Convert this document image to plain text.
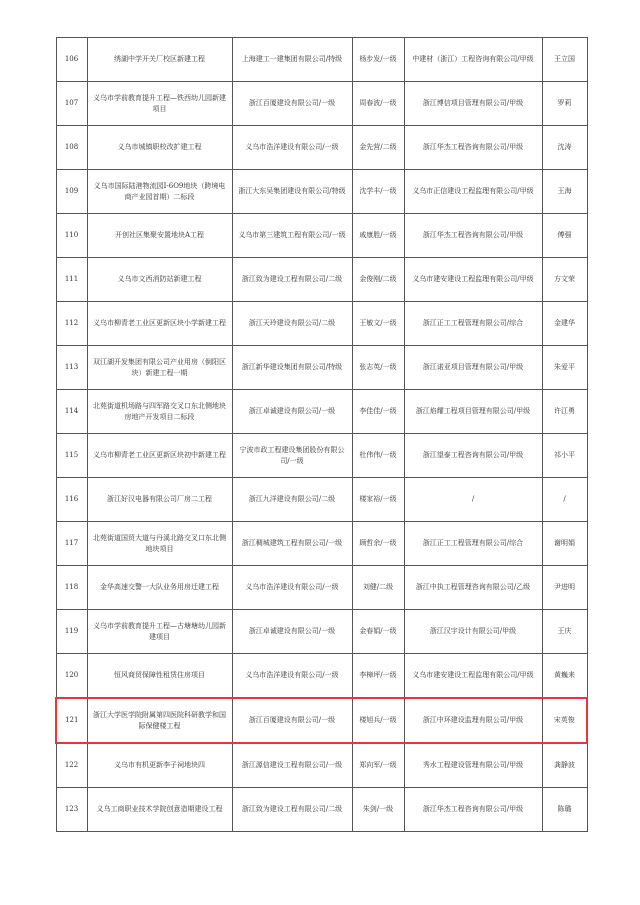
106	绣湖中学开关厂校区新建工程	上海建工一建集团有限公司/特级	杨步发/一级	中建材（浙江）工程咨询有限公司/甲级	王立国
107	义乌市学前教育提升工程—铁西幼儿园新建项目	浙江百厦建设有限公司/一级	周春波/一级	浙江博信项目管理有限公司/甲级	罗莉
108	义乌市城镇职校改扩建工程	义乌市浩洋建设有限公司/一级	金先营/二级	浙江华杰工程咨询有限公司/甲级	沈涛
109	义乌市国际陆港物流园Ⅰ-6O9地块（跨境电商产业园首期）二标段	浙江大东吴集团建设有限公司/特级	沈学丰/一级	义乌市正信建设工程监理有限公司/甲级	王海
110	开创社区集聚安置地块A工程	义乌市第三建筑工程有限公司/一级	戚康胜/一级	浙江华杰工程咨询有限公司/甲级	傅强
111	义乌市文西消防站新建工程	浙江致为建设工程有限公司/二级	金俊刚/二级	义乌市建安建设工程监理有限公司/甲级	方文荣
112	义乌市柳青老工业区更新区块小学新建工程	浙江天玲建设有限公司/二级	王敏文/一级	浙江正工工程管理有限公司/综合	金建华
113	双江湖开发集团有限公司产业用房（倒阳区块）新建工程一期	浙江新华建设集团有限公司/特级	张志英/一级	浙江诺亚项目管理有限公司/甲级	朱爱平
114	北苑街道机场路与四军路交叉口东北侧地块房地产开发项目二标段	浙江卓诚建设有限公司/一级	李佳佳/一级	浙江焰耀工程项目管理有限公司/甲级	许江勇
115	义乌市柳青老工业区更新区块初中新建工程	宁波市政工程建设集团股份有限公司/一级	杜伟伟/一级	浙江望泰工程咨询有限公司/甲级	祁小平
116	浙江好汉电器有限公司厂房二工程	浙江九洋建设有限公司/二级	楼家裕/一级	/	/
117	北苑街道国贸大道与丹溪北路交叉口东北侧地块项目	浙江稠城建筑工程有限公司/一级	顾哲余/一级	浙江正工工程管理有限公司/综合	谢明娟
118	金华高速交警一大队业务用房迁建工程	义乌市浩洋建设有限公司/一级	刘健/二级	浙江中执工程管理咨询有限公司/乙级	尹进明
119	义乌市学前教育提升工程—古塘塘幼儿园新建项目	浙江卓诚建设有限公司/一级	金春娟/一级	浙江汉宇设计有限公司/甲级	王庆
120	恒风商贸保障性租赁住房项目	义乌市浩洋建设有限公司/一级	李樟坪/一级	义乌市建安建设工程监理有限公司/甲级	黄巍来
121	浙江大学医学院附属第四医院科研教学和国际保健楼工程	浙江百厦建设有限公司/一级	楼旭兵/一级	浙江中环建设监理有限公司/甲级	宋英俊
122	义乌市有机更新李子祠地块四	浙江源信建设工程有限公司/一级	郑向军/一级	秀水工程建设管理有限公司/甲级	龚静波
123	义乌工商职业技术学院创意造期建设工程	浙江致为建设工程有限公司/二级	朱剑/一级	浙江华杰工程咨询有限公司/甲级	陈璐
